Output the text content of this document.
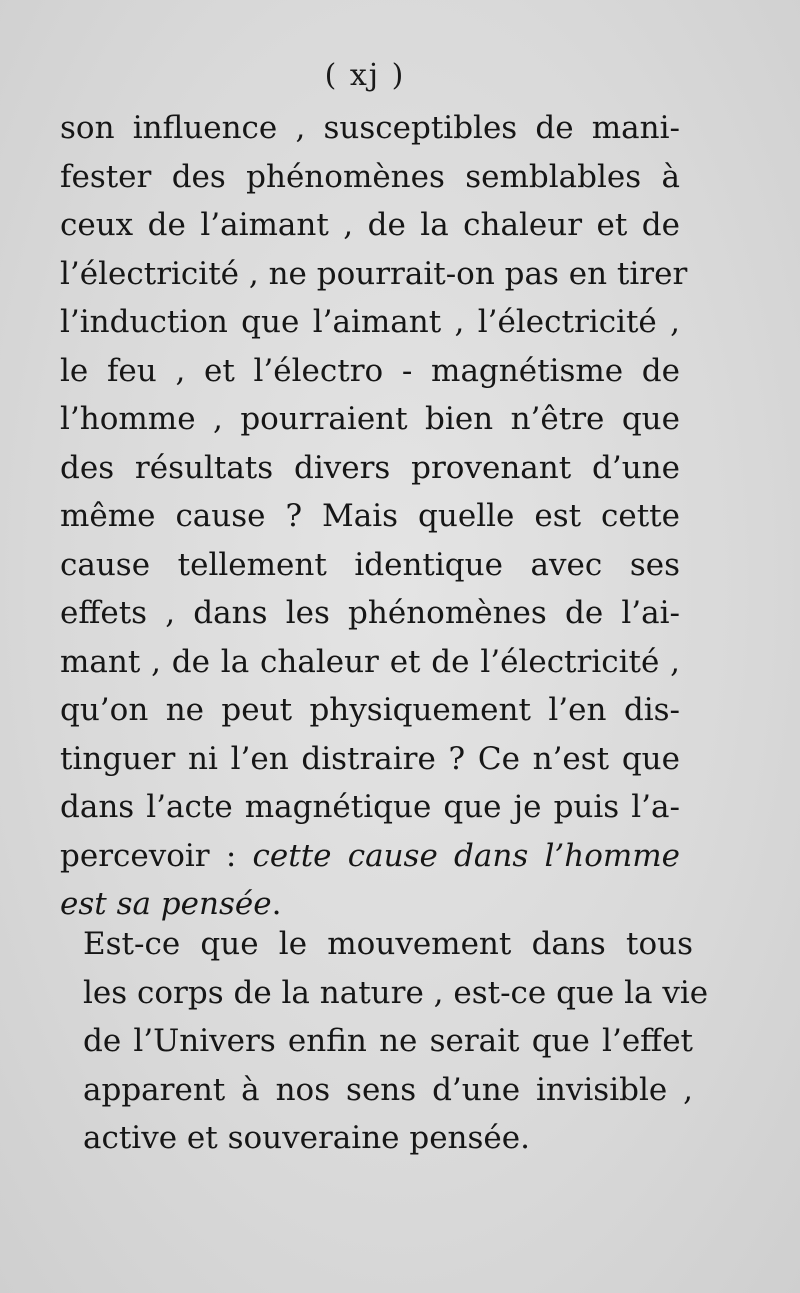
( xj )
son influence , susceptibles de mani-
fester des phénomènes semblables à
ceux de l’aimant , de la chaleur et de
l’électricité , ne pourrait-on pas en tirer
l’induction que l’aimant , l’électricité ,
le feu , et l’électro - magnétisme de
l’homme , pourraient bien n’être que
des résultats divers provenant d’une
même cause ? Mais quelle est cette
cause tellement identique avec ses
effets , dans les phénomènes de l’ai-
mant , de la chaleur et de l’électricité ,
qu’on ne peut physiquement l’en dis-
tinguer ni l’en distraire ? Ce n’est que
dans l’acte magnétique que je puis l’a-
percevoir : cette cause dans l’homme
est sa pensée.
Est-ce que le mouvement dans tous
les corps de la nature , est-ce que la vie
de l’Univers enfin ne serait que l’effet
apparent à nos sens d’une invisible ,
active et souveraine pensée.
